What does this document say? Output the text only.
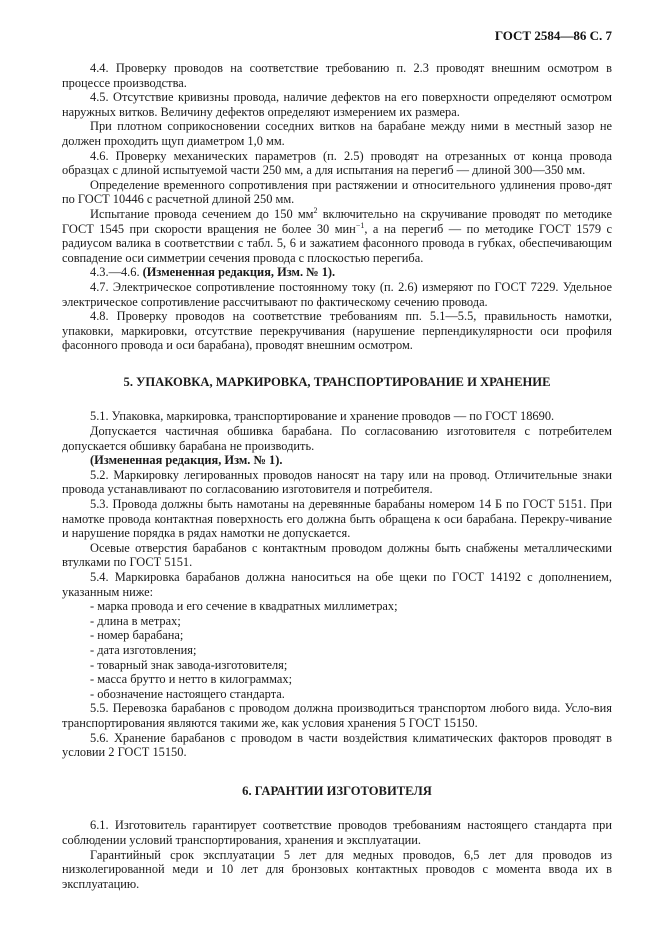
ГОСТ 2584—86 С. 7

4.4. Проверку проводов на соответствие требованию п. 2.3 проводят внешним осмотром в процессе производства.

4.5. Отсутствие кривизны провода, наличие дефектов на его поверхности определяют осмотром наружных витков. Величину дефектов определяют измерением их размера.

При плотном соприкосновении соседних витков на барабане между ними в местный зазор не должен проходить щуп диаметром 1,0 мм.

4.6. Проверку механических параметров (п. 2.5) проводят на отрезанных от конца провода образцах с длиной испытуемой части 250 мм, а для испытания на перегиб — длиной 300—350 мм.

Определение временного сопротивления при растяжении и относительного удлинения прово-дят по ГОСТ 10446 с расчетной длиной 250 мм.

Испытание провода сечением до 150 $мм^2$ включительно на скручивание проводят по методике ГОСТ 1545 при скорости вращения не более 30 мин$^{-1}$, а на перегиб — по методике ГОСТ 1579 с радиусом валика в соответствии с табл. 5, 6 и зажатием фасонного провода в губках, обеспечивающим совпадение оси симметрии сечения провода с плоскостью перегиба.

4.3.—4.6. (Измененная редакция, Изм. № 1).

4.7. Электрическое сопротивление постоянному току (п. 2.6) измеряют по ГОСТ 7229. Удельное электрическое сопротивление рассчитывают по фактическому сечению провода.

4.8. Проверку проводов на соответствие требованиям пп. 5.1—5.5, правильность намотки, упаковки, маркировки, отсутствие перекручивания (нарушение перпендикулярности оси профиля фасонного провода и оси барабана), проводят внешним осмотром.

5. УПАКОВКА, МАРКИРОВКА, ТРАНСПОРТИРОВАНИЕ И ХРАНЕНИЕ

5.1. Упаковка, маркировка, транспортирование и хранение проводов — по ГОСТ 18690.

Допускается частичная обшивка барабана. По согласованию изготовителя с потребителем допускается обшивку барабана не производить.

(Измененная редакция, Изм. № 1).

5.2. Маркировку легированных проводов наносят на тару или на провод. Отличительные знаки провода устанавливают по согласованию изготовителя и потребителя.

5.3. Провода должны быть намотаны на деревянные барабаны номером 14 Б по ГОСТ 5151. При намотке провода контактная поверхность его должна быть обращена к оси барабана. Перекру-чивание и нарушение порядка в рядах намотки не допускается.

Осевые отверстия барабанов с контактным проводом должны быть снабжены металлическими втулками по ГОСТ 5151.

5.4. Маркировка барабанов должна наноситься на обе щеки по ГОСТ 14192 с дополнением, указанным ниже:

- марка провода и его сечение в квадратных миллиметрах;

- длина в метрах;

- номер барабана;

- дата изготовления;

- товарный знак завода-изготовителя;

- масса брутто и нетто в килограммах;

- обозначение настоящего стандарта.

5.5. Перевозка барабанов с проводом должна производиться транспортом любого вида. Усло-вия транспортирования являются такими же, как условия хранения 5 ГОСТ 15150.

5.6. Хранение барабанов с проводом в части воздействия климатических факторов проводят в условии 2 ГОСТ 15150.

6. ГАРАНТИИ ИЗГОТОВИТЕЛЯ

6.1. Изготовитель гарантирует соответствие проводов требованиям настоящего стандарта при соблюдении условий транспортирования, хранения и эксплуатации.

Гарантийный срок эксплуатации 5 лет для медных проводов, 6,5 лет для проводов из низколегированной меди и 10 лет для бронзовых контактных проводов с момента ввода их в эксплуатацию.
